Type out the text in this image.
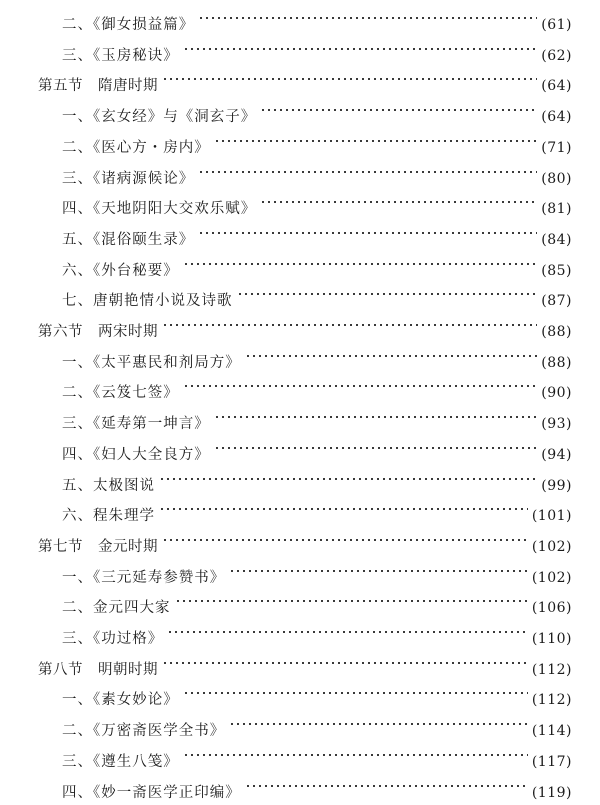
二、《御女损益篇》	(61)
三、《玉房秘诀》	(62)
第五节　隋唐时期	(64)
一、《玄女经》与《洞玄子》	(64)
二、《医心方・房内》	(71)
三、《诸病源候论》	(80)
四、《天地阴阳大交欢乐赋》	(81)
五、《混俗颐生录》	(84)
六、《外台秘要》	(85)
七、唐朝艳情小说及诗歌	(87)
第六节　两宋时期	(88)
一、《太平惠民和剂局方》	(88)
二、《云笈七签》	(90)
三、《延寿第一坤言》	(93)
四、《妇人大全良方》	(94)
五、太极图说	(99)
六、程朱理学	(101)
第七节　金元时期	(102)
一、《三元延寿参赞书》	(102)
二、金元四大家	(106)
三、《功过格》	(110)
第八节　明朝时期	(112)
一、《素女妙论》	(112)
二、《万密斋医学全书》	(114)
三、《遵生八笺》	(117)
四、《妙一斋医学正印编》	(119)
